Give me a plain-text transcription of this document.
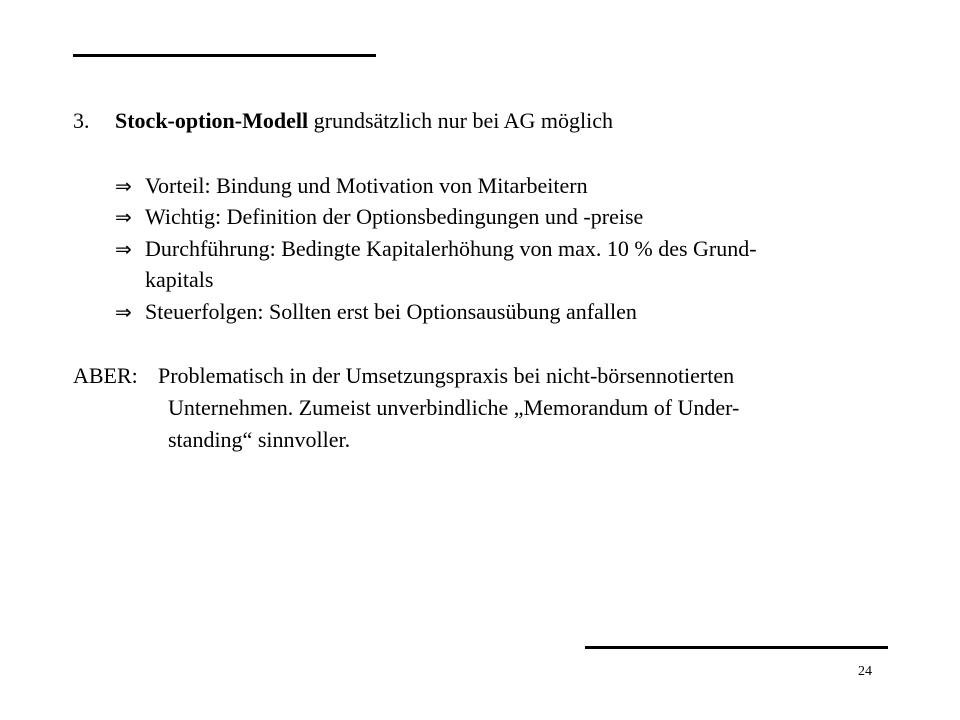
3. Stock-option-Modell grundsätzlich nur bei AG möglich
⇒ Vorteil: Bindung und Motivation von Mitarbeitern
⇒ Wichtig: Definition der Optionsbedingungen und -preise
⇒ Durchführung: Bedingte Kapitalerhöhung von max. 10 % des Grund-
kapitals
⇒ Steuerfolgen: Sollten erst bei Optionsausübung anfallen
ABER: Problematisch in der Umsetzungspraxis bei nicht-börsennotierten
Unternehmen. Zumeist unverbindliche „Memorandum of Under-
standing“ sinnvoller.
24
